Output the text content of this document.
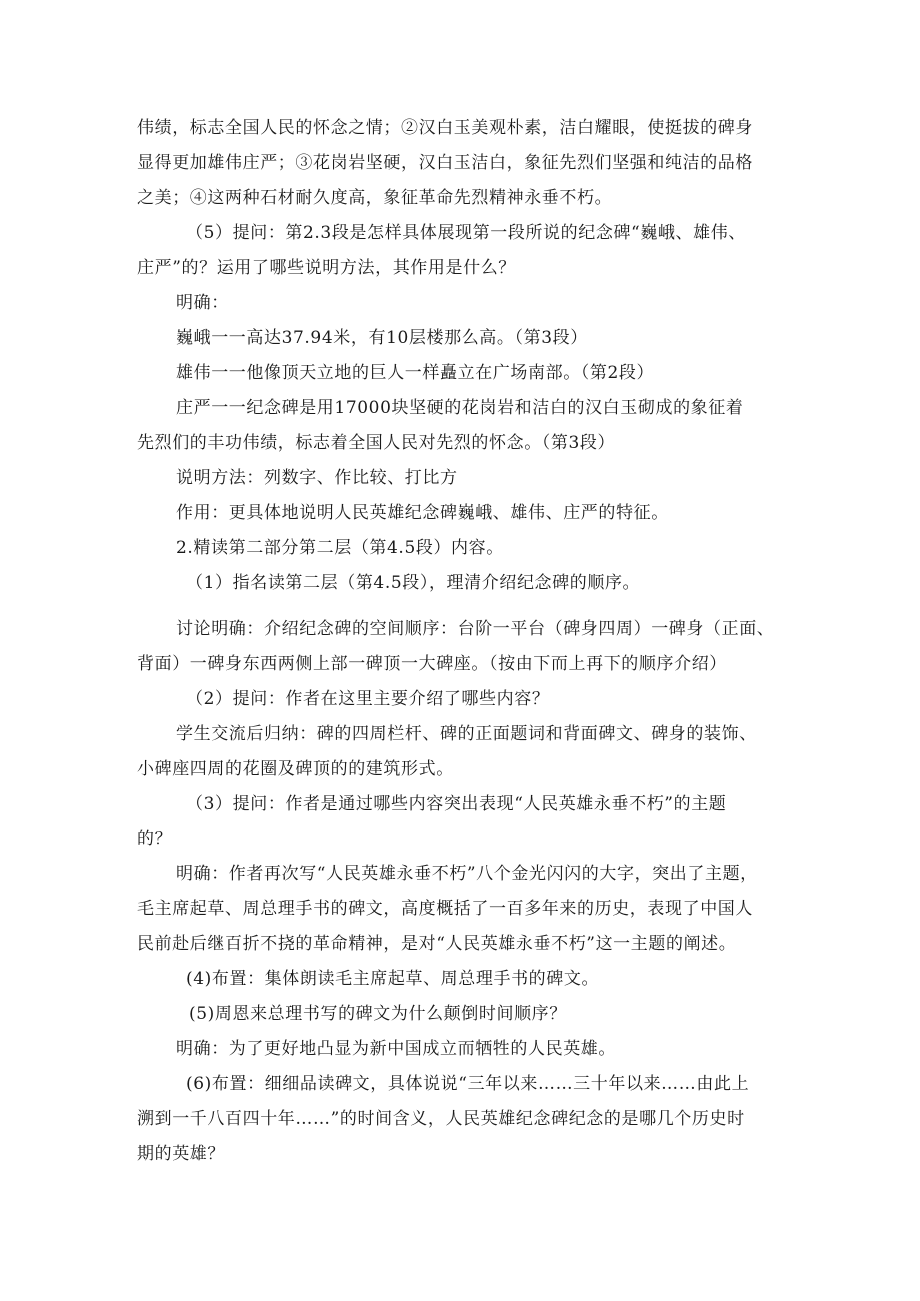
伟绩，标志全国人民的怀念之情；②汉白玉美观朴素，洁白耀眼，使挺拔的碑身

显得更加雄伟庄严；③花岗岩坚硬，汉白玉洁白，象征先烈们坚强和纯洁的品格

之美；④这两种石材耐久度高，象征革命先烈精神永垂不朽。

（5）提问：第2.3段是怎样具体展现第一段所说的纪念碑“巍峨、雄伟、

庄严”的？运用了哪些说明方法，其作用是什么？

明确：

巍峨一一高达37.94米，有10层楼那么高。（第3段）

雄伟一一他像顶天立地的巨人一样矗立在广场南部。（第2段）

庄严一一纪念碑是用17000块坚硬的花岗岩和洁白的汉白玉砌成的象征着

先烈们的丰功伟绩，标志着全国人民对先烈的怀念。（第3段）

说明方法：列数字、作比较、打比方

作用：更具体地说明人民英雄纪念碑巍峨、雄伟、庄严的特征。

2.精读第二部分第二层（第4.5段）内容。

（1）指名读第二层（第4.5段），理清介绍纪念碑的顺序。

讨论明确：介绍纪念碑的空间顺序：台阶一平台（碑身四周）一碑身（正面、

背面）一碑身东西两侧上部一碑顶一大碑座。（按由下而上再下的顺序介绍）

（2）提问：作者在这里主要介绍了哪些内容？

学生交流后归纳：碑的四周栏杆、碑的正面题词和背面碑文、碑身的装饰、

小碑座四周的花圈及碑顶的的建筑形式。

（3）提问：作者是通过哪些内容突出表现“人民英雄永垂不朽”的主题

的？

明确：作者再次写“人民英雄永垂不朽”八个金光闪闪的大字，突出了主题，

毛主席起草、周总理手书的碑文，高度概括了一百多年来的历史，表现了中国人

民前赴后继百折不挠的革命精神，是对“人民英雄永垂不朽”这一主题的阐述。

(4)布置：集体朗读毛主席起草、周总理手书的碑文。

(5)周恩来总理书写的碑文为什么颠倒时间顺序？

明确：为了更好地凸显为新中国成立而牺牲的人民英雄。

(6)布置：细细品读碑文，具体说说“三年以来……三十年以来……由此上

溯到一千八百四十年……”的时间含义，人民英雄纪念碑纪念的是哪几个历史时

期的英雄？
